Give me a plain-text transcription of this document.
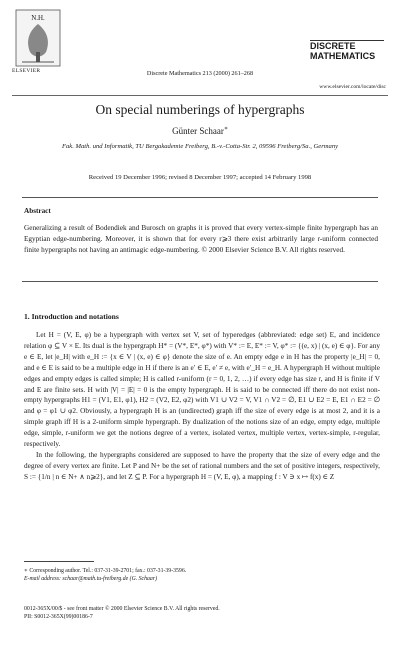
N.H.
ELSEVIER	Discrete Mathematics 213 (2000) 261–268
DISCRETE
MATHEMATICS
www.elsevier.com/locate/disc
On special numberings of hypergraphs
Günter Schaar∗
Fak. Math. und Informatik, TU Bergakademie Freiberg, B.-v.-Cotta-Str. 2, 09596 Freiberg/Sa., Germany
Received 19 December 1996; revised 8 December 1997; accepted 14 February 1998
Abstract
Generalizing a result of Bodendiek and Burosch on graphs it is proved that every vertex-simple finite hypergraph has an Egyptian edge-numbering. Moreover, it is shown that for every r⩾3 there exist arbitrarily large r-uniform connected finite hypergraphs not having an antimagic edge-numbering. © 2000 Elsevier Science B.V. All rights reserved.
1. Introduction and notations

Let H = (V, E, φ) be a hypergraph with vertex set V, set of hyperedges (abbreviated: edge set) E, and incidence relation φ ⊆ V × E. Its dual is the hypergraph H* = (V*, E*, φ*) with V* := E, E* := V, φ* := {(e, x) | (x, e) ∈ φ}. For any e ∈ E, let |e_H| with e_H := {x ∈ V | (x, e) ∈ φ} denote the size of e. An empty edge e in H has the property |e_H| = 0, and e ∈ E is said to be a multiple edge in H if there is an e′ ∈ E, e′ ≠ e, with e′_H = e_H. A hypergraph H without multiple edges and empty edges is called simple; H is called r-uniform (r = 0, 1, 2, …) if every edge has size r, and H is finite if V and E are finite sets. H with |V| = |E| = 0 is the empty hypergraph. H is said to be connected iff there do not exist non-empty hypergraphs H1 = (V1, E1, φ1), H2 = (V2, E2, φ2) with V1 ∪ V2 = V, V1 ∩ V2 = ∅, E1 ∪ E2 = E, E1 ∩ E2 = ∅ and φ = φ1 ∪ φ2. Obviously, a hypergraph H is an (undirected) graph iff the size of every edge is at most 2, and it is a simple graph iff H is a 2-uniform simple hypergraph. By dualization of the notions size of an edge, empty edge, multiple edge, simple, r-uniform we get the notions degree of a vertex, isolated vertex, multiple vertex, vertex-simple, r-regular, respectively.

In the following, the hypergraphs considered are supposed to have the property that the size of every edge and the degree of every vertex are finite. Let P and N+ be the set of rational numbers and the set of positive integers, respectively, S := {1/n | n ∈ N+ ∧ n⩾2}, and let Z ⊆ P. For a hypergraph H = (V, E, φ), a mapping f : V ∋ x ↦ f(x) ∈ Z

∗ Corresponding author. Tel.: 037-31-39-2701; fax.: 037-31-39-3596.
E-mail address: schaar@math.tu-freiberg.de (G. Schaar)
0012-365X/00/$ - see front matter © 2000 Elsevier Science B.V. All rights reserved.
PII: S0012-365X(99)00186-7
